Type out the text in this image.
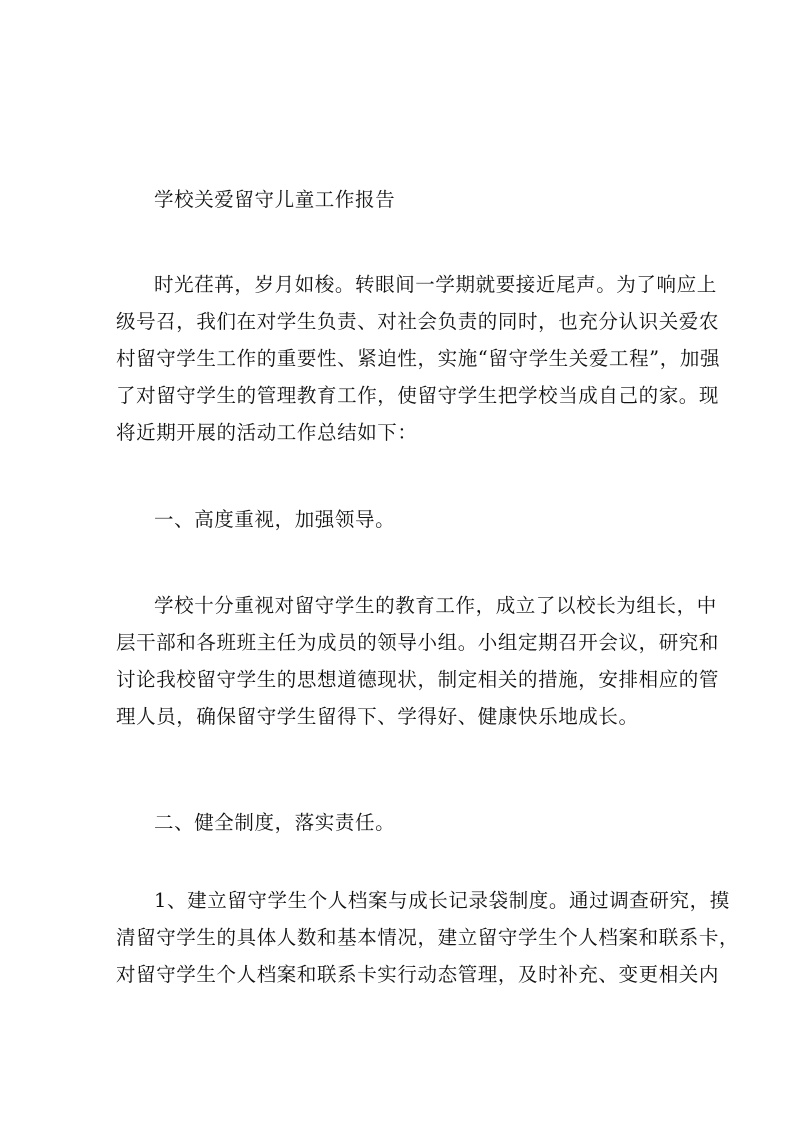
学校关爱留守儿童工作报告
时光荏苒，岁月如梭。转眼间一学期就要接近尾声。为了响应上
级号召，我们在对学生负责、对社会负责的同时，也充分认识关爱农
村留守学生工作的重要性、紧迫性，实施“留守学生关爱工程”，加强
了对留守学生的管理教育工作，使留守学生把学校当成自己的家。现
将近期开展的活动工作总结如下：
一、高度重视，加强领导。
学校十分重视对留守学生的教育工作，成立了以校长为组长，中
层干部和各班班主任为成员的领导小组。小组定期召开会议，研究和
讨论我校留守学生的思想道德现状，制定相关的措施，安排相应的管
理人员，确保留守学生留得下、学得好、健康快乐地成长。
二、健全制度，落实责任。
1、建立留守学生个人档案与成长记录袋制度。通过调查研究，摸
清留守学生的具体人数和基本情况，建立留守学生个人档案和联系卡，
对留守学生个人档案和联系卡实行动态管理，及时补充、变更相关内
